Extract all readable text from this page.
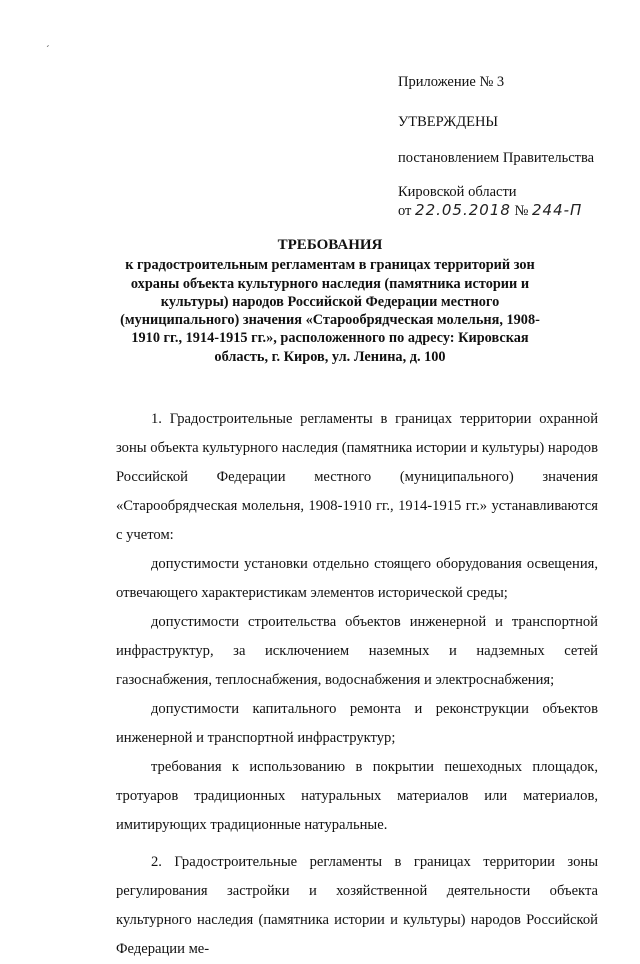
ˊ
Приложение № 3
УТВЕРЖДЕНЫ
постановлением Правительства
Кировской области
от 22.05.2018 № 244-П
ТРЕБОВАНИЯ
к градостроительным регламентам в границах территорий зон охраны объекта культурного наследия (памятника истории и культуры) народов Российской Федерации местного (муниципального) значения «Старообрядческая молельня, 1908-1910 гг., 1914-1915 гг.», расположенного по адресу: Кировская область, г. Киров, ул. Ленина, д. 100

1. Градостроительные регламенты в границах территории охранной зоны объекта культурного наследия (памятника истории и культуры) народов Российской Федерации местного (муниципального) значения «Старообрядческая молельня, 1908-1910 гг., 1914-1915 гг.» устанавливаются с учетом:

допустимости установки отдельно стоящего оборудования освещения, отвечающего характеристикам элементов исторической среды;

допустимости строительства объектов инженерной и транспортной инфраструктур, за исключением наземных и надземных сетей газоснабжения, теплоснабжения, водоснабжения и электроснабжения;

допустимости капитального ремонта и реконструкции объектов инженерной и транспортной инфраструктур;

требования к использованию в покрытии пешеходных площадок, тротуаров традиционных натуральных материалов или материалов, имитирующих традиционные натуральные.

2. Градостроительные регламенты в границах территории зоны регулирования застройки и хозяйственной деятельности объекта культурного наследия (памятника истории и культуры) народов Российской Федерации ме-
